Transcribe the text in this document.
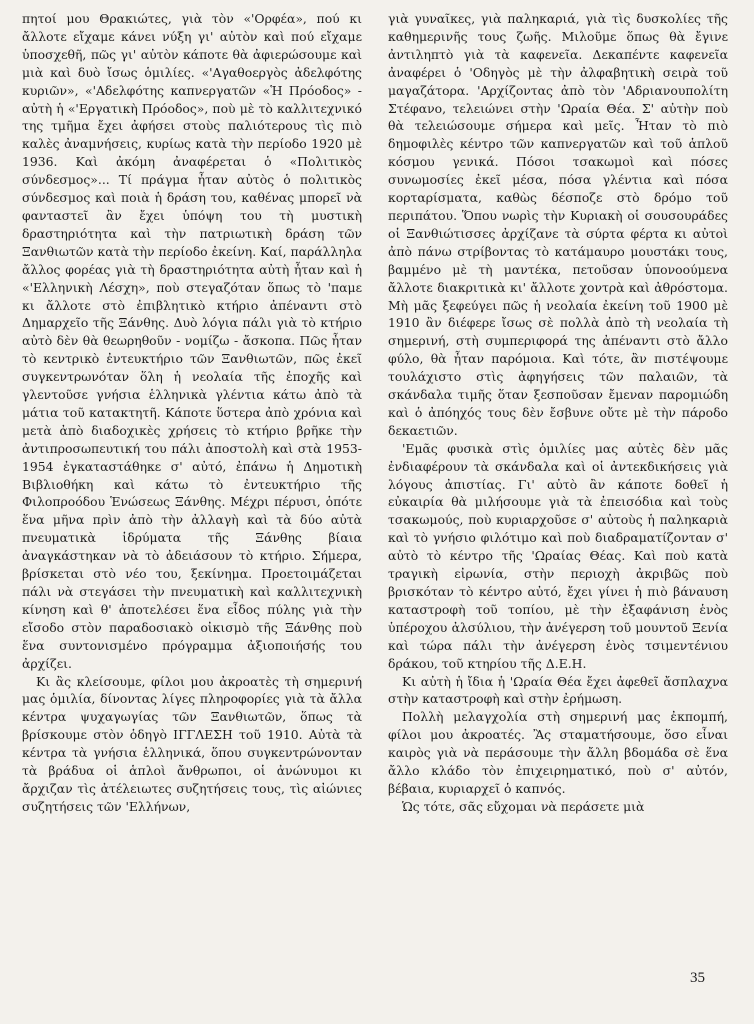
πητοί μου Θρακιώτες, γιὰ τὸν «'Ορφέα», πού κι ἄλλοτε εἴχαμε κάνει νύξη γι' αὐτὸν καὶ πού εἴχαμε ὑποσχεθῆ, πῶς γι' αὐτὸν κάποτε θὰ ἀφιερώσουμε καὶ μιὰ καὶ δυὸ ἴσως ὁμιλίες. «'Αγαθοεργὸς ἀδελφότης κυριῶν», «'Αδελφότης καπνεργατῶν «Ἡ Πρόοδος» - αὐτὴ ἡ «'Εργατικὴ Πρόοδος», ποὺ μὲ τὸ καλλιτεχνικό της τμῆμα ἔχει ἀφήσει στοὺς παλιότερους τὶς πιὸ καλὲς ἀναμνήσεις, κυρίως κατὰ τὴν περίοδο 1920 μὲ 1936. Καὶ ἀκόμη ἀναφέρεται ὁ «Πολιτικὸς σύνδεσμος»... Τί πράγμα ἦταν αὐτὸς ὁ πολιτικὸς σύνδεσμος καὶ ποιὰ ἡ δράση του, καθένας μπορεῖ νὰ φανταστεῖ ἂν ἔχει ὑπόψη του τὴ μυστικὴ δραστηριότητα καὶ τὴν πατριωτικὴ δράση τῶν Ξανθιωτῶν κατὰ τὴν περίοδο ἐκείνη. Καί, παράλληλα ἄλλος φορέας γιὰ τὴ δραστηριότητα αὐτὴ ἦταν καὶ ἡ «'Ελληνικὴ Λέσχη», ποὺ στεγαζόταν ὅπως τὸ 'παμε κι ἄλλοτε στὸ ἐπιβλητικὸ κτήριο ἀπέναντι στὸ Δημαρχεῖο τῆς Ξάνθης. Δυὸ λόγια πάλι γιὰ τὸ κτήριο αὐτὸ δὲν θὰ θεωρηθοῦν - νομίζω - ἄσκοπα. Πῶς ἦταν τὸ κεντρικὸ ἐντευκτήριο τῶν Ξανθιωτῶν, πῶς ἐκεῖ συγκεντρωνόταν ὅλη ἡ νεολαία τῆς ἐποχῆς καὶ γλεντοῦσε γνήσια ἑλληνικὰ γλέντια κάτω ἀπὸ τὰ μάτια τοῦ κατακτητῆ. Κάποτε ὕστερα ἀπὸ χρόνια καὶ μετὰ ἀπὸ διαδοχικὲς χρήσεις τὸ κτήριο βρῆκε τὴν ἀντιπροσωπευτική του πάλι ἀποστολὴ καὶ στὰ 1953-1954 ἐγκαταστάθηκε σ' αὐτό, ἐπάνω ἡ Δημοτικὴ Βιβλιοθήκη καὶ κάτω τὸ ἐντευκτήριο τῆς Φιλοπροόδου Ἑνώσεως Ξάνθης. Μέχρι πέρυσι, ὁπότε ἕνα μῆνα πρὶν ἀπὸ τὴν ἀλλαγὴ καὶ τὰ δύο αὐτὰ πνευματικὰ ἱδρύματα τῆς Ξάνθης βίαια ἀναγκάστηκαν νὰ τὸ ἀδειάσουν τὸ κτήριο. Σήμερα, βρίσκεται στὸ νέο του, ξεκίνημα. Προετοιμάζεται πάλι νὰ στεγάσει τὴν πνευματικὴ καὶ καλλιτεχνικὴ κίνηση καὶ θ' ἀποτελέσει ἕνα εἶδος πύλης γιὰ τὴν εἴσοδο στὸν παραδοσιακὸ οἰκισμὸ τῆς Ξάνθης ποὺ ἕνα συντονισμένο πρόγραμμα ἀξιοποιήσής του ἀρχίζει.

Κι ἂς κλείσουμε, φίλοι μου ἀκροατὲς τὴ σημερινή μας ὁμιλία, δίνοντας λίγες πληροφορίες γιὰ τὰ ἄλλα κέντρα ψυχαγωγίας τῶν Ξανθιωτῶν, ὅπως τὰ βρίσκουμε στὸν ὁδηγὸ ΙΓΓΛΕΣΗ τοῦ 1910. Αὐτὰ τὰ κέντρα τὰ γνήσια ἑλληνικά, ὅπου συγκεντρώνονταν τὰ βράδυα οἱ ἁπλοὶ ἄνθρωποι, οἱ ἀνώνυμοι κι ἄρχιζαν τὶς ἀτέλειωτες συζητήσεις τους, τὶς αἰώνιες συζητήσεις τῶν 'Ελλήνων,

γιὰ γυναῖκες, γιὰ παληκαριά, γιὰ τὶς δυσκολίες τῆς καθημερινῆς τους ζωῆς. Μιλοῦμε ὅπως θὰ ἔγινε ἀντιληπτὸ γιὰ τὰ καφενεῖα. Δεκαπέντε καφενεῖα ἀναφέρει ὁ 'Οδηγὸς μὲ τὴν ἀλφαβητικὴ σειρὰ τοῦ μαγαζάτορα. 'Αρχίζοντας ἀπὸ τὸν 'Αδριανουπολίτη Στέφανο, τελειώνει στὴν 'Ωραία Θέα. Σ' αὐτὴν ποὺ θὰ τελειώσουμε σήμερα καὶ μεῖς. Ἦταν τὸ πιὸ δημοφιλὲς κέντρο τῶν καπνεργατῶν καὶ τοῦ ἁπλοῦ κόσμου γενικά. Πόσοι τσακωμοὶ καὶ πόσες συνωμοσίες ἐκεῖ μέσα, πόσα γλέντια καὶ πόσα κορταρίσματα, καθὼς δέσποζε στὸ δρόμο τοῦ περιπάτου. Ὅπου νωρὶς τὴν Κυριακὴ οἱ σουσουράδες οἱ Ξανθιώτισσες ἀρχίζανε τὰ σύρτα φέρτα κι αὐτοὶ ἀπὸ πάνω στρίβοντας τὸ κατάμαυρο μουστάκι τους, βαμμένο μὲ τὴ μαντέκα, πετοῦσαν ὑπονοούμενα ἄλλοτε διακριτικὰ κι' ἄλλοτε χοντρὰ καὶ ἀθρόστομα. Μὴ μᾶς ξεφεύγει πῶς ἡ νεολαία ἐκείνη τοῦ 1900 μὲ 1910 ἂν διέφερε ἴσως σὲ πολλὰ ἀπὸ τὴ νεολαία τὴ σημερινή, στὴ συμπεριφορά της ἀπέναντι στὸ ἄλλο φύλο, θὰ ἦταν παρόμοια. Καὶ τότε, ἂν πιστέψουμε τουλάχιστο στὶς ἀφηγήσεις τῶν παλαιῶν, τὰ σκάνδαλα τιμῆς ὅταν ξεσποῦσαν ἔμεναν παρομιώδη καὶ ὁ ἀπόηχός τους δὲν ἔσβυνε οὔτε μὲ τὴν πάροδο δεκαετιῶν.

'Εμᾶς φυσικὰ στὶς ὁμιλίες μας αὐτὲς δὲν μᾶς ἐνδιαφέρουν τὰ σκάνδαλα καὶ οἱ ἀντεκδικήσεις γιὰ λόγους ἀπιστίας. Γι' αὐτὸ ἂν κάποτε δοθεῖ ἡ εὐκαιρία θὰ μιλήσουμε γιὰ τὰ ἐπεισόδια καὶ τοὺς τσακωμούς, ποὺ κυριαρχοῦσε σ' αὐτοὺς ἡ παληκαριὰ καὶ τὸ γνήσιο φιλότιμο καὶ ποὺ διαδραματίζονταν σ' αὐτὸ τὸ κέντρο τῆς 'Ωραίας Θέας. Καὶ ποὺ κατὰ τραγικὴ εἰρωνία, στὴν περιοχὴ ἀκριβῶς ποὺ βρισκόταν τὸ κέντρο αὐτό, ἔχει γίνει ἡ πιὸ βάναυση καταστροφὴ τοῦ τοπίου, μὲ τὴν ἐξαφάνιση ἑνὸς ὑπέροχου ἀλσύλιου, τὴν ἀνέγερση τοῦ μουντοῦ Ξενία καὶ τώρα πάλι τὴν ἀνέγερση ἑνὸς τσιμεντένιου δράκου, τοῦ κτηρίου τῆς Δ.Ε.Η.

Κι αὐτὴ ἡ ἴδια ἡ 'Ωραία Θέα ἔχει ἀφεθεῖ ἄσπλαχνα στὴν καταστροφὴ καὶ στὴν ἐρήμωση.

Πολλὴ μελαγχολία στὴ σημερινή μας ἐκπομπή, φίλοι μου ἀκροατές. Ἂς σταματήσουμε, ὅσο εἶναι καιρὸς γιὰ νὰ περάσουμε τὴν ἄλλη βδομάδα σὲ ἕνα ἄλλο κλάδο τὸν ἐπιχειρηματικό, ποὺ σ' αὐτόν, βέβαια, κυριαρχεῖ ὁ καπνός.

Ὡς τότε, σᾶς εὔχομαι νὰ περάσετε μιὰ

35
